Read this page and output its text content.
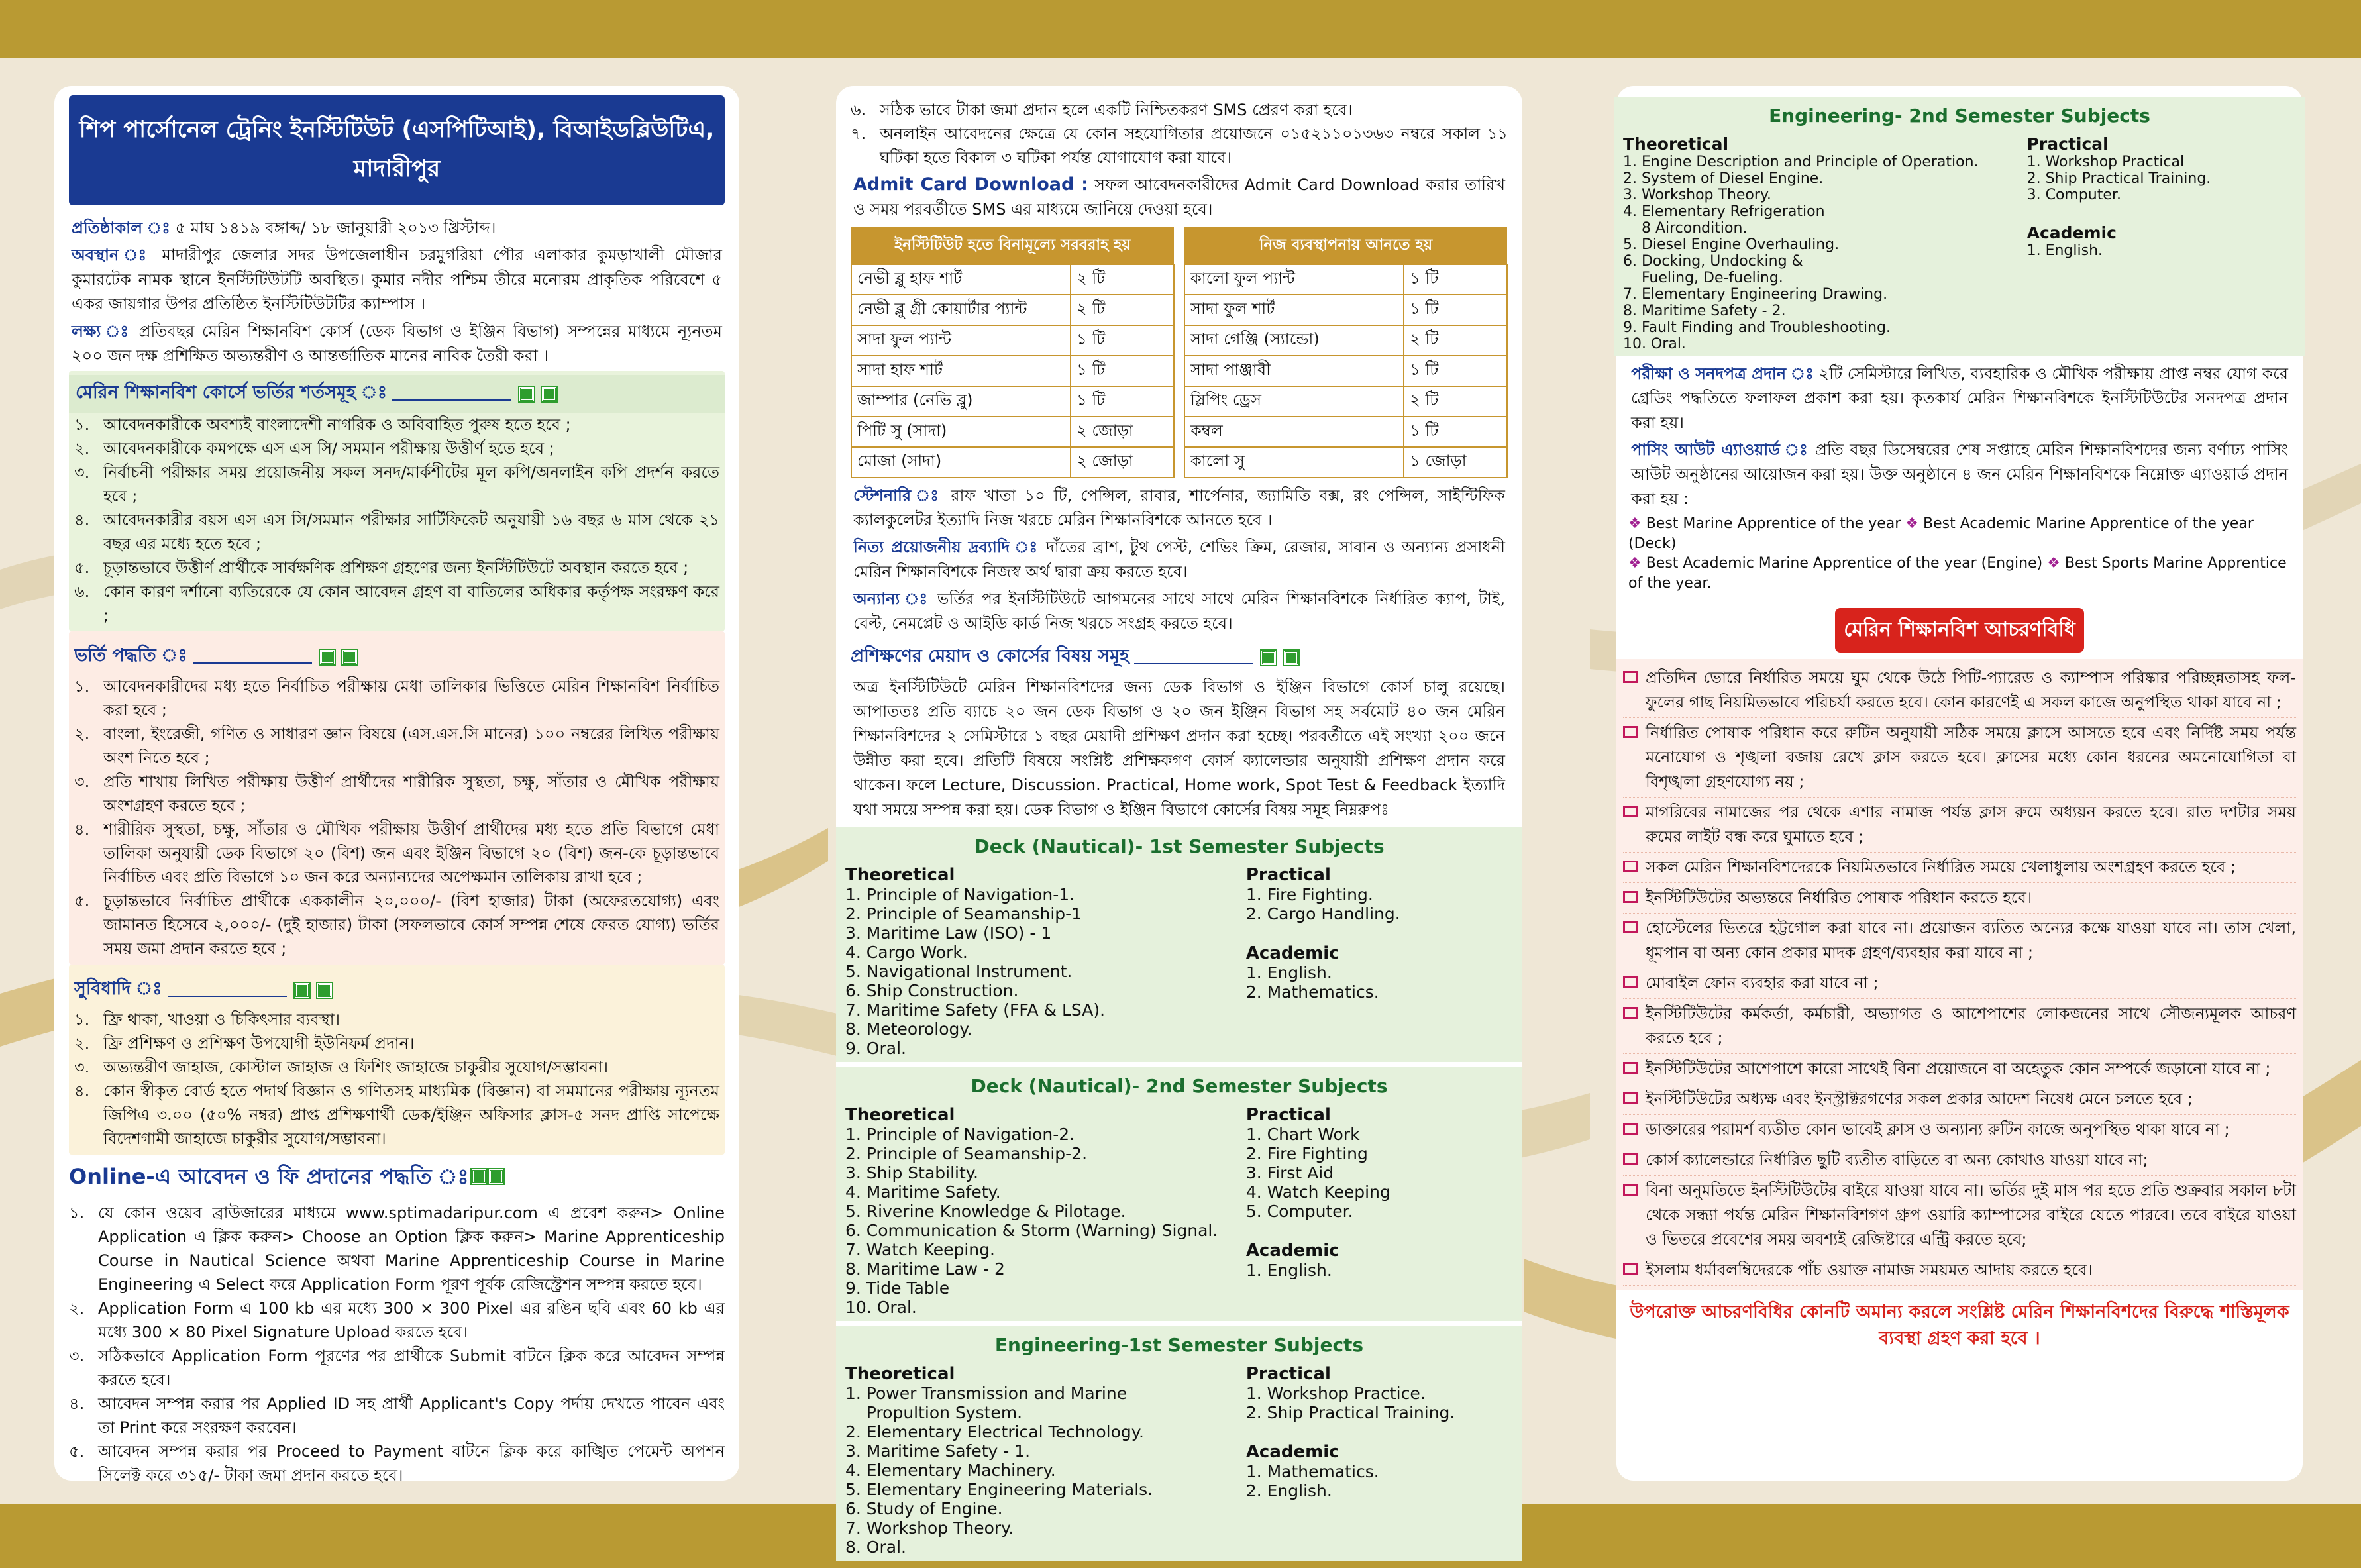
শিপ পার্সোনেল ট্রেনিং ইনস্টিটিউট (এসপিটিআই), বিআইডব্লিউটিএ, মাদারীপুর
প্রতিষ্ঠাকাল ঃ ৫ মাঘ ১৪১৯ বঙ্গাব্দ/ ১৮ জানুয়ারী ২০১৩ খ্রিস্টাব্দ।
অবস্থান ঃ মাদারীপুর জেলার সদর উপজেলাধীন চরমুগরিয়া পৌর এলাকার কুমড়াখালী মৌজার কুমারটেক নামক স্থানে ইনস্টিটিউটটি অবস্থিত। কুমার নদীর পশ্চিম তীরে মনোরম প্রাকৃতিক পরিবেশে ৫ একর জায়গার উপর প্রতিষ্ঠিত ইনস্টিটিউটটির ক্যাম্পাস ।
লক্ষ্য ঃ প্রতিবছর মেরিন শিক্ষানবিশ কোর্স (ডেক বিভাগ ও ইঞ্জিন বিভাগ) সম্পন্নের মাধ্যমে ন্যূনতম ২০০ জন দক্ষ প্রশিক্ষিত অভ্যন্তরীণ ও আন্তর্জাতিক মানের নাবিক তৈরী করা ।
মেরিন শিক্ষানবিশ কোর্সে ভর্তির শর্তসমূহ ঃ
১. আবেদনকারীকে অবশ্যই বাংলাদেশী নাগরিক ও অবিবাহিত পুরুষ হতে হবে ;
২. আবেদনকারীকে কমপক্ষে এস এস সি/ সমমান পরীক্ষায় উত্তীর্ণ হতে হবে ;
৩. নির্বাচনী পরীক্ষার সময় প্রয়োজনীয় সকল সনদ/মার্কশীটের মূল কপি/অনলাইন কপি প্রদর্শন করতে হবে ;
৪. আবেদনকারীর বয়স এস এস সি/সমমান পরীক্ষার সার্টিফিকেট অনুযায়ী ১৬ বছর ৬ মাস থেকে ২১ বছর এর মধ্যে হতে হবে ;
৫. চূড়ান্তভাবে উত্তীর্ণ প্রার্থীকে সার্বক্ষণিক প্রশিক্ষণ গ্রহণের জন্য ইনস্টিটিউটে অবস্থান করতে হবে ;
৬. কোন কারণ দর্শানো ব্যতিরেকে যে কোন আবেদন গ্রহণ বা বাতিলের অধিকার কর্তৃপক্ষ সংরক্ষণ করে ;
ভর্তি পদ্ধতি ঃ
১. আবেদনকারীদের মধ্য হতে নির্বাচিত পরীক্ষায় মেধা তালিকার ভিত্তিতে মেরিন শিক্ষানবিশ নির্বাচিত করা হবে ;
২. বাংলা, ইংরেজী, গণিত ও সাধারণ জ্ঞান বিষয়ে (এস.এস.সি মানের) ১০০ নম্বরের লিখিত পরীক্ষায় অংশ নিতে হবে ;
৩. প্রতি শাখায় লিখিত পরীক্ষায় উত্তীর্ণ প্রার্থীদের শারীরিক সুস্থতা, চক্ষু, সাঁতার ও মৌখিক পরীক্ষায় অংশগ্রহণ করতে হবে ;
৪. শারীরিক সুস্থতা, চক্ষু, সাঁতার ও মৌখিক পরীক্ষায় উত্তীর্ণ প্রার্থীদের মধ্য হতে প্রতি বিভাগে মেধা তালিকা অনুযায়ী ডেক বিভাগে ২০ (বিশ) জন এবং ইঞ্জিন বিভাগে ২০ (বিশ) জন-কে চূড়ান্তভাবে নির্বাচিত এবং প্রতি বিভাগে ১০ জন করে অন্যান্যদের অপেক্ষমান তালিকায় রাখা হবে ;
৫. চূড়ান্তভাবে নির্বাচিত প্রার্থীকে এককালীন ২০,০০০/- (বিশ হাজার) টাকা (অফেরতযোগ্য) এবং জামানত হিসেবে ২,০০০/- (দুই হাজার) টাকা (সফলভাবে কোর্স সম্পন্ন শেষে ফেরত যোগ্য) ভর্তির সময় জমা প্রদান করতে হবে ;
সুবিধাদি ঃ
১. ফ্রি থাকা, খাওয়া ও চিকিৎসার ব্যবস্থা।
২. ফ্রি প্রশিক্ষণ ও প্রশিক্ষণ উপযোগী ইউনিফর্ম প্রদান।
৩. অভ্যন্তরীণ জাহাজ, কোস্টাল জাহাজ ও ফিশিং জাহাজে চাকুরীর সুযোগ/সম্ভাবনা।
৪. কোন স্বীকৃত বোর্ড হতে পদার্থ বিজ্ঞান ও গণিতসহ মাধ্যমিক (বিজ্ঞান) বা সমমানের পরীক্ষায় ন্যূনতম জিপিএ ৩.০০ (৫০% নম্বর) প্রাপ্ত প্রশিক্ষণার্থী ডেক/ইঞ্জিন অফিসার ক্লাস-৫ সনদ প্রাপ্তি সাপেক্ষে বিদেশগামী জাহাজে চাকুরীর সুযোগ/সম্ভাবনা।
Online-এ আবেদন ও ফি প্রদানের পদ্ধতি ঃ
১. যে কোন ওয়েব ব্রাউজারের মাধ্যমে www.sptimadaripur.com এ প্রবেশ করুন> Online Application এ ক্লিক করুন> Choose an Option ক্লিক করুন> Marine Apprenticeship Course in Nautical Science অথবা Marine Apprenticeship Course in Marine Engineering এ Select করে Application Form পূরণ পূর্বক রেজিস্ট্রেশন সম্পন্ন করতে হবে।
২. Application Form এ 100 kb এর মধ্যে 300 × 300 Pixel এর রঙিন ছবি এবং 60 kb এর মধ্যে 300 × 80 Pixel Signature Upload করতে হবে।
৩. সঠিকভাবে Application Form পূরণের পর প্রার্থীকে Submit বাটনে ক্লিক করে আবেদন সম্পন্ন করতে হবে।
৪. আবেদন সম্পন্ন করার পর Applied ID সহ প্রার্থী Applicant's Copy পর্দায় দেখতে পাবেন এবং তা Print করে সংরক্ষণ করবেন।
৫. আবেদন সম্পন্ন করার পর Proceed to Payment বাটনে ক্লিক করে কাঙ্খিত পেমেন্ট অপশন সিলেক্ট করে ৩১৫/- টাকা জমা প্রদান করতে হবে।
৬. সঠিক ভাবে টাকা জমা প্রদান হলে একটি নিশ্চিতকরণ SMS প্রেরণ করা হবে।
৭. অনলাইন আবেদনের ক্ষেত্রে যে কোন সহযোগিতার প্রয়োজনে ০১৫২১১০১৩৬৩ নম্বরে সকাল ১১ ঘটিকা হতে বিকাল ৩ ঘটিকা পর্যন্ত যোগাযোগ করা যাবে।
Admit Card Download : সফল আবেদনকারীদের Admit Card Download করার তারিখ ও সময় পরবর্তীতে SMS এর মাধ্যমে জানিয়ে দেওয়া হবে।
ইনস্টিটিউট হতে বিনামূল্যে সরবরাহ হয়	
নেভী ব্লু হাফ শার্ট	২ টি
নেভী ব্লু গ্রী কোয়ার্টার প্যান্ট	২ টি
সাদা ফুল প্যান্ট	১ টি
সাদা হাফ শার্ট	১ টি
জাম্পার (নেভি ব্লু)	১ টি
পিটি সু (সাদা)	২ জোড়া
মোজা (সাদা)	২ জোড়া
নিজ ব্যবস্থাপনায় আনতে হয়	
কালো ফুল প্যান্ট	১ টি
সাদা ফুল শার্ট	১ টি
সাদা গেঞ্জি (স্যান্ডো)	২ টি
সাদা পাঞ্জাবী	১ টি
স্লিপিং ড্রেস	২ টি
কম্বল	১ টি
কালো সু	১ জোড়া
স্টেশনারি ঃ রাফ খাতা ১০ টি, পেন্সিল, রাবার, শার্পেনার, জ্যামিতি বক্স, রং পেন্সিল, সাইন্টিফিক ক্যালকুলেটর ইত্যাদি নিজ খরচে মেরিন শিক্ষানবিশকে আনতে হবে ।
নিত্য প্রয়োজনীয় দ্রব্যাদি ঃ দাঁতের ব্রাশ, টুথ পেস্ট, শেভিং ক্রিম, রেজার, সাবান ও অন্যান্য প্রসাধনী মেরিন শিক্ষানবিশকে নিজস্ব অর্থ দ্বারা ক্রয় করতে হবে।
অন্যান্য ঃ ভর্তির পর ইনস্টিটিউটে আগমনের সাথে সাথে মেরিন শিক্ষানবিশকে নির্ধারিত ক্যাপ, টাই, বেল্ট, নেমপ্লেট ও আইডি কার্ড নিজ খরচে সংগ্রহ করতে হবে।
প্রশিক্ষণের মেয়াদ ও কোর্সের বিষয় সমূহ
অত্র ইনস্টিটিউটে মেরিন শিক্ষানবিশদের জন্য ডেক বিভাগ ও ইঞ্জিন বিভাগে কোর্স চালু রয়েছে। আপাততঃ প্রতি ব্যাচে ২০ জন ডেক বিভাগ ও ২০ জন ইঞ্জিন বিভাগ সহ সর্বমোট ৪০ জন মেরিন শিক্ষানবিশদের ২ সেমিস্টারে ১ বছর মেয়াদী প্রশিক্ষণ প্রদান করা হচ্ছে। পরবর্তীতে এই সংখ্যা ২০০ জনে উন্নীত করা হবে। প্রতিটি বিষয়ে সংশ্লিষ্ট প্রশিক্ষকগণ কোর্স ক্যালেন্ডার অনুযায়ী প্রশিক্ষণ প্রদান করে থাকেন। ফলে Lecture, Discussion. Practical, Home work, Spot Test & Feedback ইত্যাদি যথা সময়ে সম্পন্ন করা হয়। ডেক বিভাগ ও ইঞ্জিন বিভাগে কোর্সের বিষয় সমূহ নিম্নরুপঃ
Deck (Nautical)- 1st Semester Subjects
Theoretical
1. Principle of Navigation-1.
2. Principle of Seamanship-1
3. Maritime Law (ISO) - 1
4. Cargo Work.
5. Navigational Instrument.
6. Ship Construction.
7. Maritime Safety (FFA & LSA).
8. Meteorology.
9. Oral.
Practical
1. Fire Fighting.
2. Cargo Handling.
Academic
1. English.
2. Mathematics.
Deck (Nautical)- 2nd Semester Subjects
Theoretical
1. Principle of Navigation-2.
2. Principle of Seamanship-2.
3. Ship Stability.
4. Maritime Safety.
5. Riverine Knowledge & Pilotage.
6. Communication & Storm (Warning) Signal.
7. Watch Keeping.
8. Maritime Law - 2
9. Tide Table
10. Oral.
Practical
1. Chart Work
2. Fire Fighting
3. First Aid
4. Watch Keeping
5. Computer.
Academic
1. English.
Engineering-1st Semester Subjects
Theoretical
1. Power Transmission and Marine
Propultion System.
2. Elementary Electrical Technology.
3. Maritime Safety - 1.
4. Elementary Machinery.
5. Elementary Engineering Materials.
6. Study of Engine.
7. Workshop Theory.
8. Oral.
Practical
1. Workshop Practice.
2. Ship Practical Training.
Academic
1. Mathematics.
2. English.
Engineering- 2nd Semester Subjects
Theoretical
1. Engine Description and Principle of Operation.
2. System of Diesel Engine.
3. Workshop Theory.
4. Elementary Refrigeration
8 Aircondition.
5. Diesel Engine Overhauling.
6. Docking, Undocking &
Fueling, De-fueling.
7. Elementary Engineering Drawing.
8. Maritime Safety - 2.
9. Fault Finding and Troubleshooting.
10. Oral.
Practical
1. Workshop Practical
2. Ship Practical Training.
3. Computer.
Academic
1. English.
পরীক্ষা ও সনদপত্র প্রদান ঃ ২টি সেমিস্টারে লিখিত, ব্যবহারিক ও মৌখিক পরীক্ষায় প্রাপ্ত নম্বর যোগ করে গ্রেডিং পদ্ধতিতে ফলাফল প্রকাশ করা হয়। কৃতকার্য মেরিন শিক্ষানবিশকে ইনস্টিটিউটের সনদপত্র প্রদান করা হয়।
পাসিং আউট এ্যাওয়ার্ড ঃ প্রতি বছর ডিসেম্বরের শেষ সপ্তাহে মেরিন শিক্ষানবিশদের জন্য বর্ণাঢ্য পাসিং আউট অনুষ্ঠানের আয়োজন করা হয়। উক্ত অনুষ্ঠানে ৪ জন মেরিন শিক্ষানবিশকে নিম্নোক্ত এ্যাওয়ার্ড প্রদান করা হয় :
❖ Best Marine Apprentice of the year ❖ Best Academic Marine Apprentice of the year (Deck)
❖ Best Academic Marine Apprentice of the year (Engine) ❖ Best Sports Marine Apprentice of the year.
মেরিন শিক্ষানবিশ আচরণবিধি
প্রতিদিন ভোরে নির্ধারিত সময়ে ঘুম থেকে উঠে পিটি-প্যারেড ও ক্যাম্পাস পরিষ্কার পরিচ্ছন্নতাসহ ফল-ফুলের গাছ নিয়মিতভাবে পরিচর্যা করতে হবে। কোন কারণেই এ সকল কাজে অনুপস্থিত থাকা যাবে না ;
নির্ধারিত পোষাক পরিধান করে রুটিন অনুযায়ী সঠিক সময়ে ক্লাসে আসতে হবে এবং নির্দিষ্ট সময় পর্যন্ত মনোযোগ ও শৃঙ্খলা বজায় রেখে ক্লাস করতে হবে। ক্লাসের মধ্যে কোন ধরনের অমনোযোগিতা বা বিশৃঙ্খলা গ্রহণযোগ্য নয় ;
মাগরিবের নামাজের পর থেকে এশার নামাজ পর্যন্ত ক্লাস রুমে অধ্যয়ন করতে হবে। রাত দশটার সময় রুমের লাইট বন্ধ করে ঘুমাতে হবে ;
সকল মেরিন শিক্ষানবিশদেরকে নিয়মিতভাবে নির্ধারিত সময়ে খেলাধুলায় অংশগ্রহণ করতে হবে ;
ইনস্টিটিউটের অভ্যন্তরে নির্ধারিত পোষাক পরিধান করতে হবে।
হোস্টেলের ভিতরে হট্টগোল করা যাবে না। প্রয়োজন ব্যতিত অন্যের কক্ষে যাওয়া যাবে না। তাস খেলা, ধূমপান বা অন্য কোন প্রকার মাদক গ্রহণ/ব্যবহার করা যাবে না ;
মোবাইল ফোন ব্যবহার করা যাবে না ;
ইনস্টিটিউটের কর্মকর্তা, কর্মচারী, অভ্যাগত ও আশেপাশের লোকজনের সাথে সৌজন্যমূলক আচরণ করতে হবে ;
ইনস্টিটিউটের আশেপাশে কারো সাথেই বিনা প্রয়োজনে বা অহেতুক কোন সম্পর্কে জড়ানো যাবে না ;
ইনস্টিটিউটের অধ্যক্ষ এবং ইনস্ট্রাক্টরগণের সকল প্রকার আদেশ নিষেধ মেনে চলতে হবে ;
ডাক্তারের পরামর্শ ব্যতীত কোন ভাবেই ক্লাস ও অন্যান্য রুটিন কাজে অনুপস্থিত থাকা যাবে না ;
কোর্স ক্যালেন্ডারে নির্ধারিত ছুটি ব্যতীত বাড়িতে বা অন্য কোথাও যাওয়া যাবে না;
বিনা অনুমতিতে ইনস্টিটিউটের বাইরে যাওয়া যাবে না। ভর্তির দুই মাস পর হতে প্রতি শুক্রবার সকাল ৮টা থেকে সন্ধ্যা পর্যন্ত মেরিন শিক্ষানবিশগণ গ্রুপ ওয়ারি ক্যাম্পাসের বাইরে যেতে পারবে। তবে বাইরে যাওয়া ও ভিতরে প্রবেশের সময় অবশ্যই রেজিষ্টারে এন্ট্রি করতে হবে;
ইসলাম ধর্মাবলম্বিদেরকে পাঁচ ওয়াক্ত নামাজ সময়মত আদায় করতে হবে।
উপরোক্ত আচরণবিধির কোনটি অমান্য করলে সংশ্লিষ্ট মেরিন শিক্ষানবিশদের বিরুদ্ধে শাস্তিমূলক ব্যবস্থা গ্রহণ করা হবে ।
